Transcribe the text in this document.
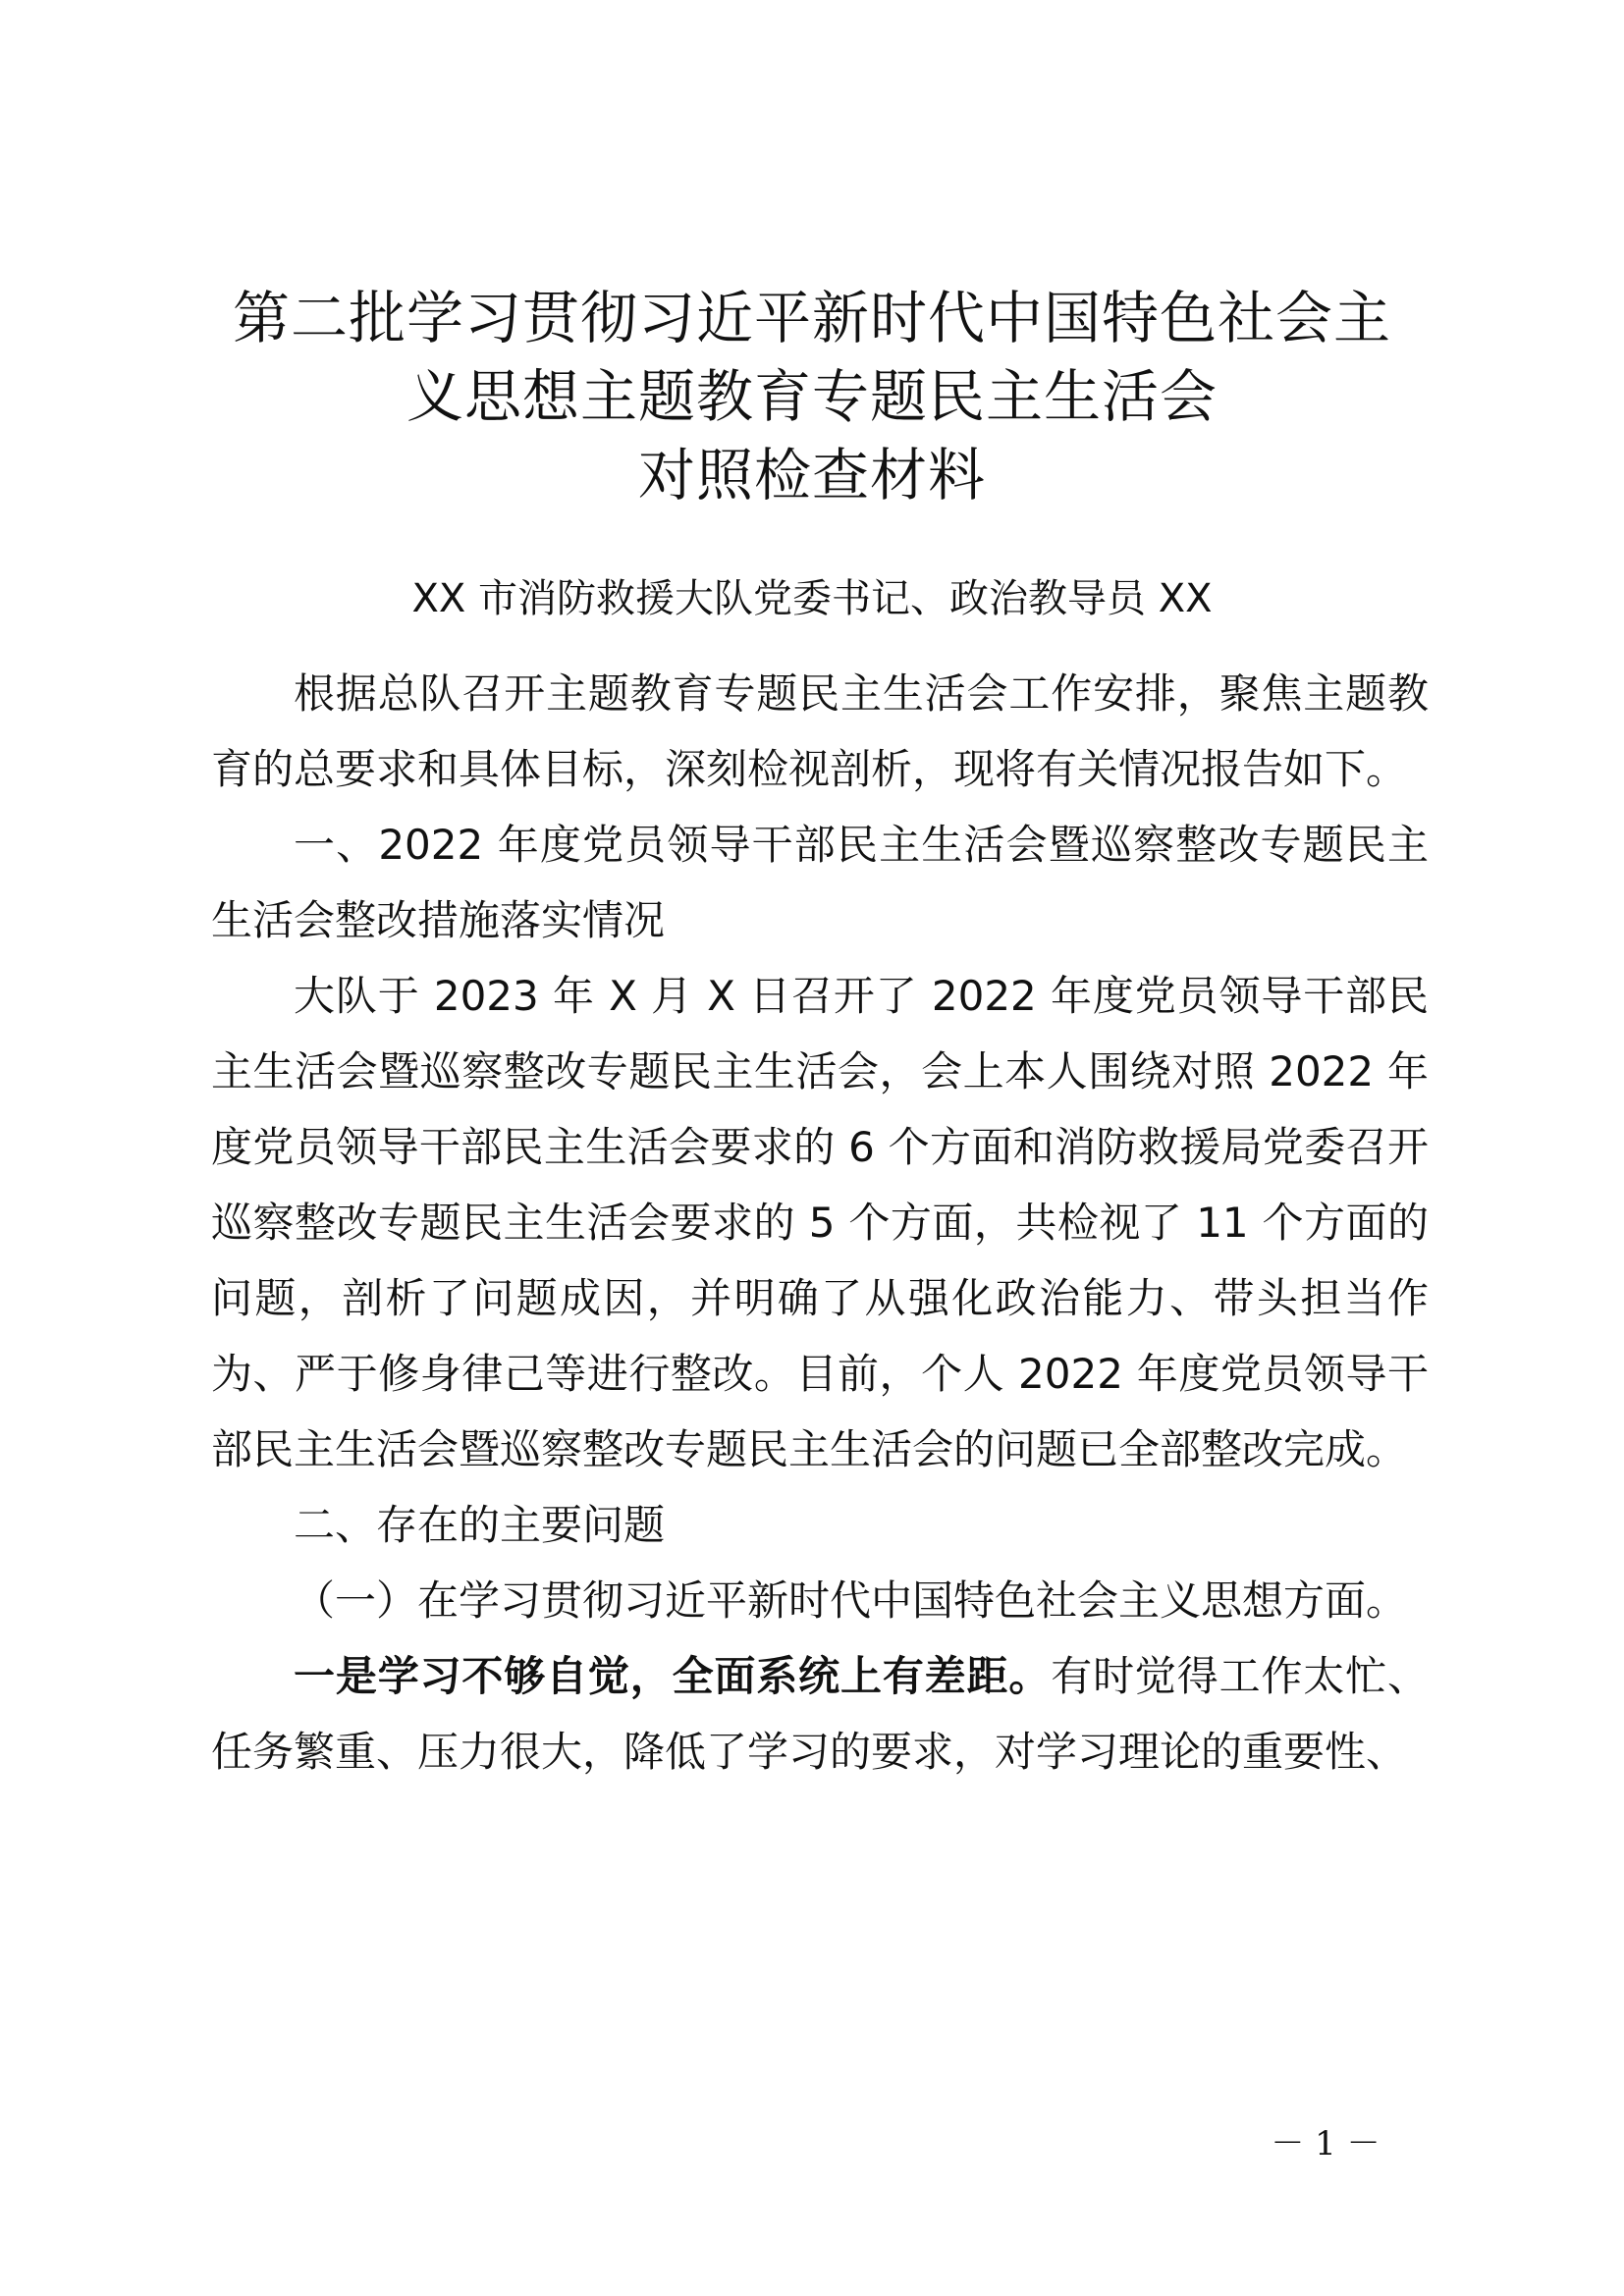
第二批学习贯彻习近平新时代中国特色社会主
义思想主题教育专题民主生活会
对照检查材料
XX 市消防救援大队党委书记、政治教导员 XX

根据总队召开主题教育专题民主生活会工作安排，聚焦主题教育的总要求和具体目标，深刻检视剖析，现将有关情况报告如下。

一、2022 年度党员领导干部民主生活会暨巡察整改专题民主生活会整改措施落实情况

大队于 2023 年 X 月 X 日召开了 2022 年度党员领导干部民主生活会暨巡察整改专题民主生活会，会上本人围绕对照 2022 年度党员领导干部民主生活会要求的 6 个方面和消防救援局党委召开巡察整改专题民主生活会要求的 5 个方面，共检视了 11 个方面的问题，剖析了问题成因，并明确了从强化政治能力、带头担当作为、严于修身律己等进行整改。目前，个人 2022 年度党员领导干部民主生活会暨巡察整改专题民主生活会的问题已全部整改完成。

二、存在的主要问题

（一）在学习贯彻习近平新时代中国特色社会主义思想方面。

一是学习不够自觉，全面系统上有差距。有时觉得工作太忙、任务繁重、压力很大，降低了学习的要求，对学习理论的重要性、

－ 1 －
